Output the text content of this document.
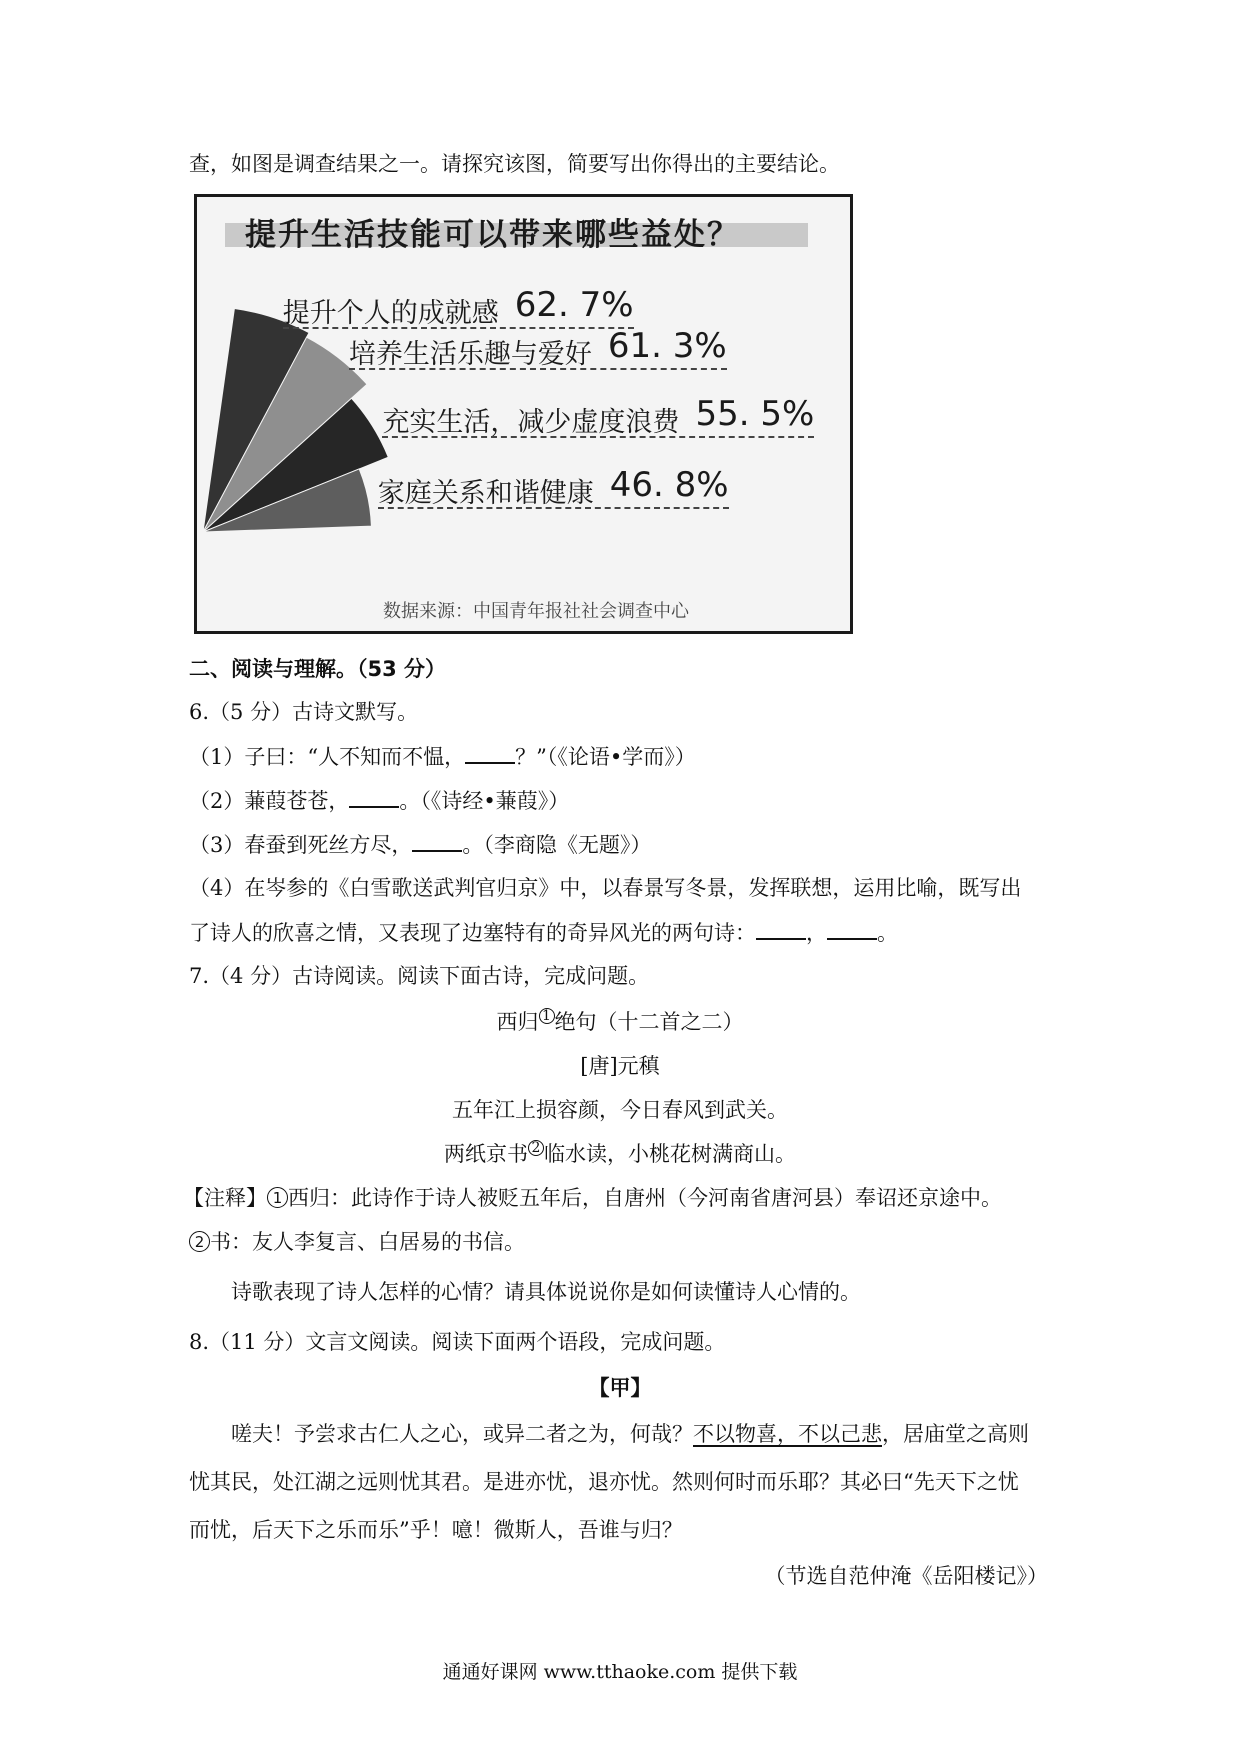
查，如图是调查结果之一。请探究该图，简要写出你得出的主要结论。
提升生活技能可以带来哪些益处？
提升个人的成就感 62. 7%
培养生活乐趣与爱好 61. 3%
充实生活，减少虚度浪费 55. 5%
家庭关系和谐健康 46. 8%
数据来源：中国青年报社社会调查中心
二、阅读与理解。（53 分）
6.（5 分）古诗文默写。
（1）子曰：“人不知而不愠， ？”（《论语•学而》）
（2）蒹葭苍苍， 。（《诗经•蒹葭》）
（3）春蚕到死丝方尽， 。（李商隐《无题》）
（4）在岑参的《白雪歌送武判官归京》中，以春景写冬景，发挥联想，运用比喻，既写出
了诗人的欣喜之情，又表现了边塞特有的奇异风光的两句诗： ， 。
7.（4 分）古诗阅读。阅读下面古诗，完成问题。
西归 1 绝句（十二首之二）
[唐]元稹
五年江上损容颜，今日春风到武关。
两纸京书 2 临水读，小桃花树满商山。
【注释】 1 西归：此诗作于诗人被贬五年后，自唐州（今河南省唐河县）奉诏还京途中。
2 书：友人李复言、白居易的书信。
诗歌表现了诗人怎样的心情？请具体说说你是如何读懂诗人心情的。
8.（11 分）文言文阅读。阅读下面两个语段，完成问题。
【甲】
嗟夫！予尝求古仁人之心，或异二者之为，何哉？不以物喜，不以己悲，居庙堂之高则
忧其民，处江湖之远则忧其君。是进亦忧，退亦忧。然则何时而乐耶？其必曰“先天下之忧
而忧，后天下之乐而乐”乎！噫！微斯人，吾谁与归？
（节选自范仲淹《岳阳楼记》）
通通好课网 www.tthaoke.com 提供下载
